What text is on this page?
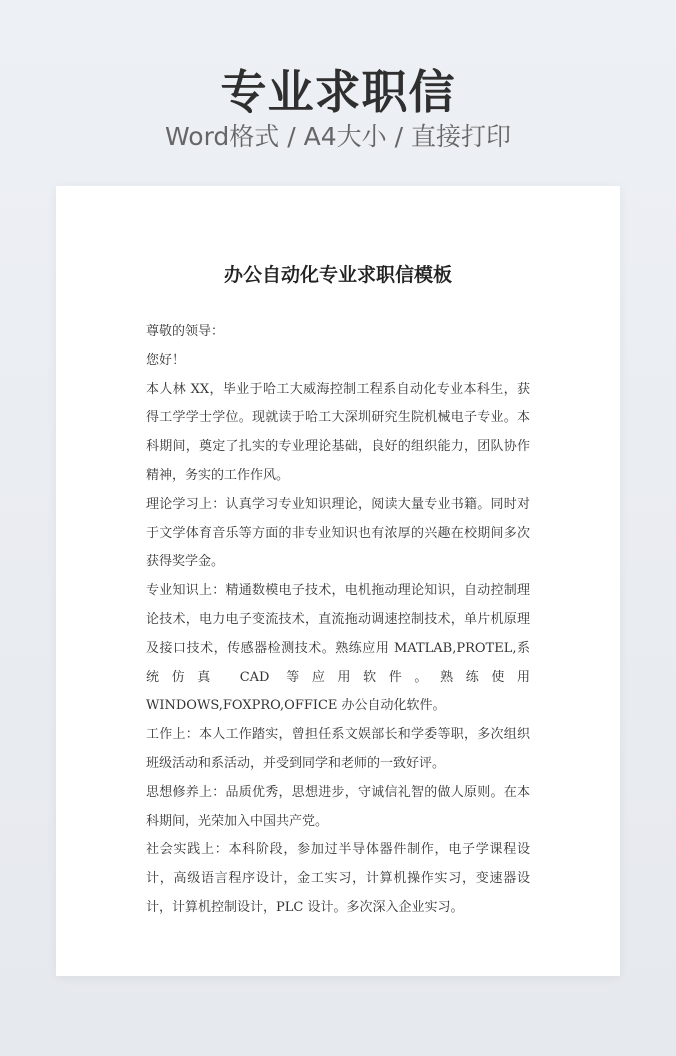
专业求职信
Word格式 / A4大小 / 直接打印
办公自动化专业求职信模板

尊敬的领导：

您好！

本人林 XX，毕业于哈工大威海控制工程系自动化专业本科生，获得工学学士学位。现就读于哈工大深圳研究生院机械电子专业。本科期间，奠定了扎实的专业理论基础，良好的组织能力，团队协作精神，务实的工作作风。

理论学习上：认真学习专业知识理论，阅读大量专业书籍。同时对于文学体育音乐等方面的非专业知识也有浓厚的兴趣在校期间多次获得奖学金。

专业知识上：精通数模电子技术，电机拖动理论知识，自动控制理论技术，电力电子变流技术，直流拖动调速控制技术，单片机原理及接口技术，传感器检测技术。熟练应用 MATLAB,PROTEL,系统仿真 CAD 等应用软件。熟练使用 WINDOWS,FOXPRO,OFFICE 办公自动化软件。

工作上：本人工作踏实，曾担任系文娱部长和学委等职，多次组织班级活动和系活动，并受到同学和老师的一致好评。

思想修养上：品质优秀，思想进步，守诚信礼智的做人原则。在本科期间，光荣加入中国共产党。

社会实践上：本科阶段，参加过半导体器件制作，电子学课程设计，高级语言程序设计，金工实习，计算机操作实习，变速器设计，计算机控制设计，PLC 设计。多次深入企业实习。
